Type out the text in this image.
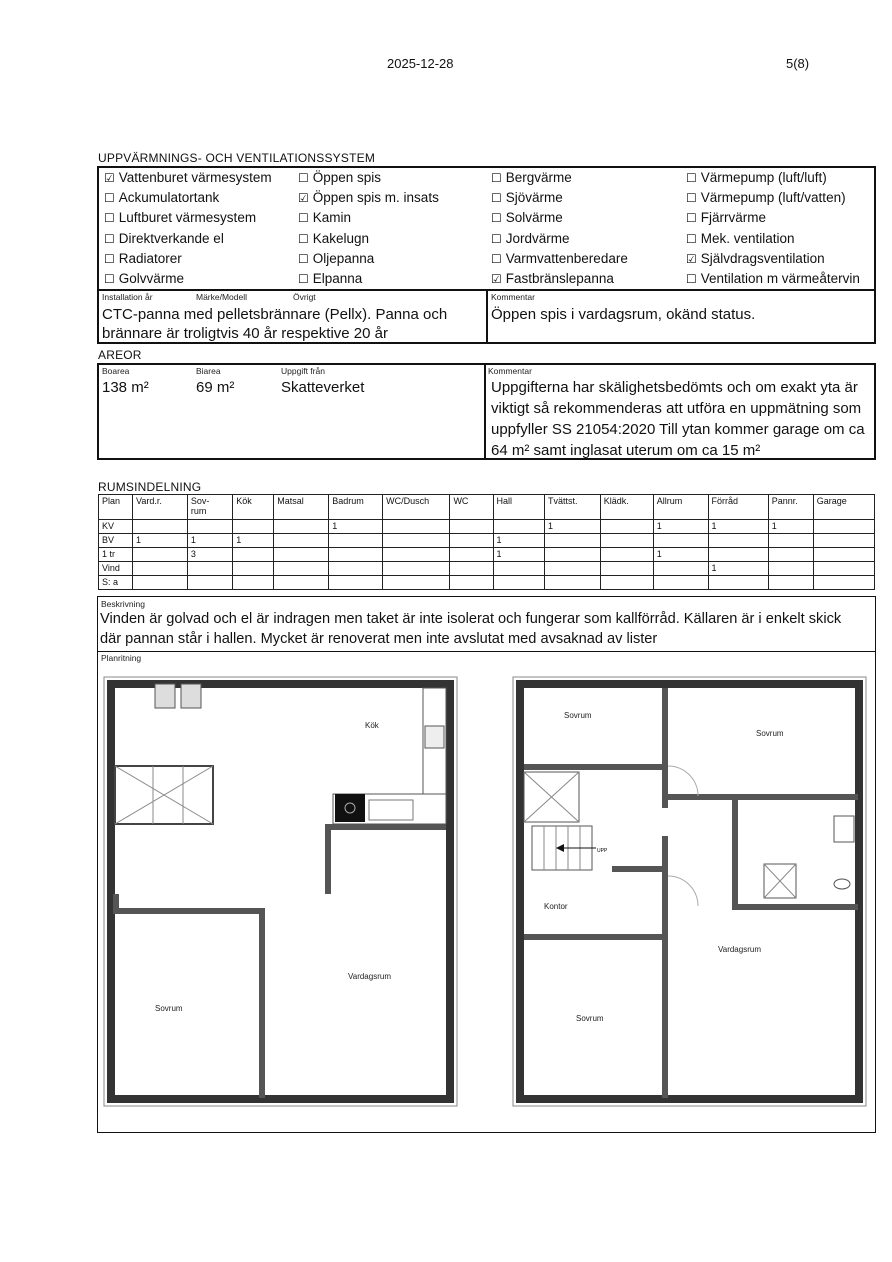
2025-12-28	5(8)
UPPVÄRMNINGS- OCH VENTILATIONSSYSTEM
☑ Vattenburet värmesystem
☐ Ackumulatortank
☐ Luftburet värmesystem
☐ Direktverkande el
☐ Radiatorer
☐ Golvvärme
☐ Öppen spis
☑ Öppen spis m. insats
☐ Kamin
☐ Kakelugn
☐ Oljepanna
☐ Elpanna
☐ Bergvärme
☐ Sjövärme
☐ Solvärme
☐ Jordvärme
☐ Varmvattenberedare
☑ Fastbränslepanna
☐ Värmepump (luft/luft)
☐ Värmepump (luft/vatten)
☐ Fjärrvärme
☐ Mek. ventilation
☑ Självdragsventilation
☐ Ventilation m värmeåtervin
Installation år	Märke/Modell	Övrigt	Kommentar
CTC-panna med pelletsbrännare (Pellx). Panna och
brännare är troligtvis 40 år respektive 20 år
Öppen spis i vardagsrum, okänd status.
AREOR
Boarea	Biarea	Uppgift från	Kommentar
138 m²	69 m²	Skatteverket	Uppgifterna har skälighetsbedömts och om exakt yta är
viktigt så rekommenderas att utföra en uppmätning som
uppfyller SS 21054:2020 Till ytan kommer garage om ca
64 m² samt inglasat uterum om ca 15 m²
RUMSINDELNING
Plan	Vard.r.	Sov-
rum	Kök	Matsal	Badrum	WC/Dusch	WC	Hall	Tvättst.	Klädk.	Allrum	Förråd	Pannr.	Garage
KV					1				1		1	1	1	
BV	1	1	1					1						
1 tr		3						1			1			
Vind												1		
S: a														
Beskrivning
Vinden är golvad och el är indragen men taket är inte isolerat och fungerar som kallförråd. Källaren är i enkelt skick
där pannan står i hallen. Mycket är renoverat men inte avslutat med avsaknad av lister
Planritning
Kök
Sovrum
Vardagsrum
UPP
Sovrum
Sovrum
Kontor
Vardagsrum
Sovrum
